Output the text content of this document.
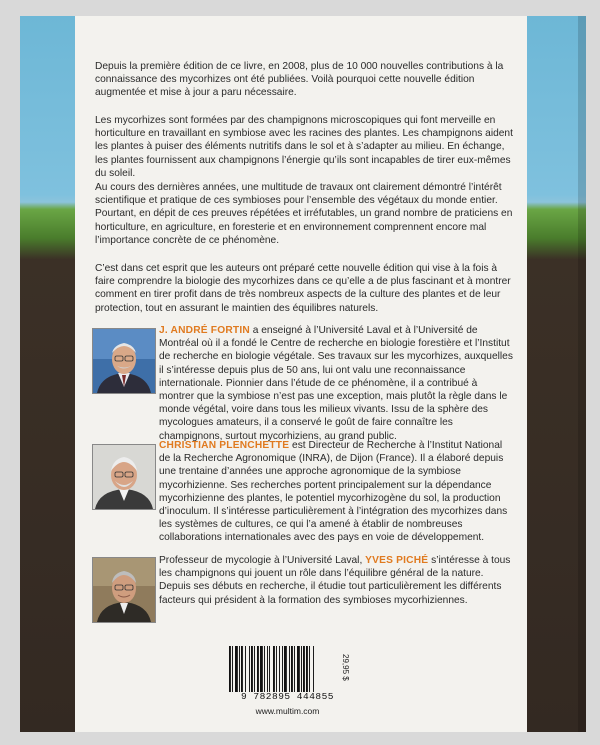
Depuis la première édition de ce livre, en 2008, plus de 10 000 nouvelles contributions à la connaissance des mycorhizes ont été publiées. Voilà pourquoi cette nouvelle édition augmentée et mise à jour a paru nécessaire.

Les mycorhizes sont formées par des champignons microscopiques qui font merveille en horticulture en travaillant en symbiose avec les racines des plantes. Les champignons aident les plantes à puiser des éléments nutritifs dans le sol et à s’adapter au milieu. En échange, les plantes fournissent aux champignons l’énergie qu’ils sont incapables de tirer eux-mêmes du soleil.

Au cours des dernières années, une multitude de travaux ont clairement démontré l’intérêt scientifique et pratique de ces symbioses pour l’ensemble des végétaux du monde entier. Pourtant, en dépit de ces preuves répétées et irréfutables, un grand nombre de praticiens en horticulture, en agriculture, en foresterie et en environnement comprennent encore mal l’importance concrète de ce phénomène.

C’est dans cet esprit que les auteurs ont préparé cette nouvelle édition qui vise à la fois à faire comprendre la biologie des mycorhizes dans ce qu’elle a de plus fascinant et à montrer comment en tirer profit dans de très nombreux aspects de la culture des plantes et de leur protection, tout en assurant le maintien des équilibres naturels.

J. ANDRÉ FORTIN a enseigné à l’Université Laval et à l’Université de Montréal où il a fondé le Centre de recherche en biologie forestière et l’Institut de recherche en biologie végétale. Ses travaux sur les mycorhizes, auxquelles il s’intéresse depuis plus de 50 ans, lui ont valu une reconnaissance internationale. Pionnier dans l’étude de ce phénomène, il a contribué à montrer que la symbiose n’est pas une exception, mais plutôt la règle dans le monde végétal, voire dans tous les milieux vivants. Issu de la sphère des mycologues amateurs, il a conservé le goût de faire connaître les champignons, surtout mycorhiziens, au grand public.

CHRISTIAN PLENCHETTE est Directeur de Recherche à l’Institut National de la Recherche Agronomique (INRA), de Dijon (France). Il a élaboré depuis une trentaine d’années une approche agronomique de la symbiose mycorhizienne. Ses recherches portent principalement sur la dépendance mycorhizienne des plantes, le potentiel mycorhizogène du sol, la production d’inoculum. Il s’intéresse particulièrement à l’intégration des mycorhizes dans les systèmes de cultures, ce qui l’a amené à établir de nombreuses collaborations internationales avec des pays en voie de développement.

Professeur de mycologie à l’Université Laval, YVES PICHÉ s’intéresse à tous les champignons qui jouent un rôle dans l’équilibre général de la nature. Depuis ses débuts en recherche, il étudie tout particulièrement les différents facteurs qui président à la formation des symbioses mycorhiziennes.

29,95 $
9 782895 444855
www.multim.com
